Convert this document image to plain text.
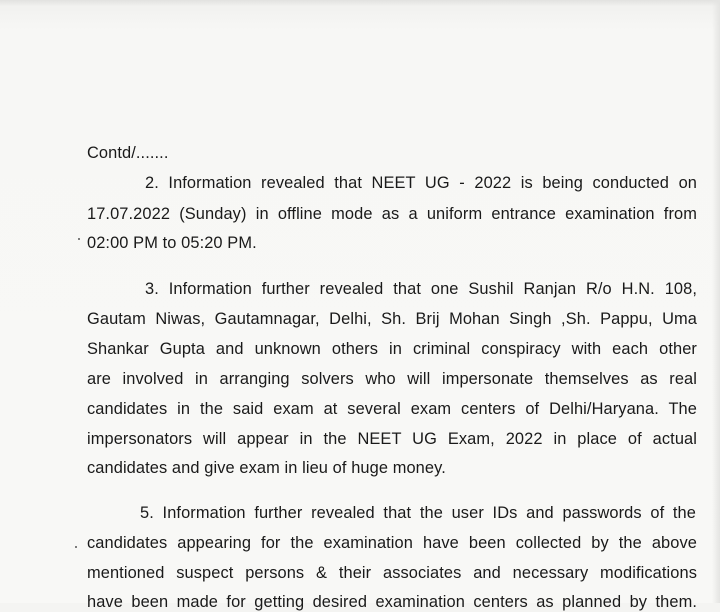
Contd/.......
2. Information revealed that NEET UG - 2022 is being conducted on
17.07.2022 (Sunday) in offline mode as a uniform entrance examination from
02:00 PM to 05:20 PM.
3. Information further revealed that one Sushil Ranjan R/o H.N. 108,
Gautam Niwas, Gautamnagar, Delhi, Sh. Brij Mohan Singh ,Sh. Pappu, Uma
Shankar Gupta and unknown others in criminal conspiracy with each other
are involved in arranging solvers who will impersonate themselves as real
candidates in the said exam at several exam centers of Delhi/Haryana. The
impersonators will appear in the NEET UG Exam, 2022 in place of actual
candidates and give exam in lieu of huge money.
5. Information further revealed that the user IDs and passwords of the
candidates appearing for the examination have been collected by the above
mentioned suspect persons & their associates and necessary modifications
have been made for getting desired examination centers as planned by them.
